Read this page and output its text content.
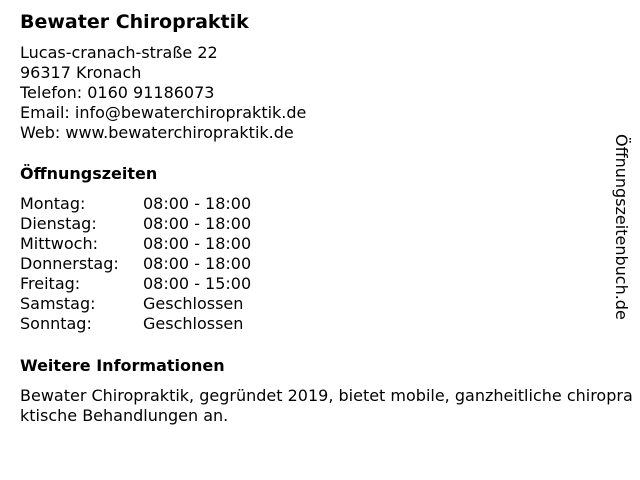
Bewater Chiropraktik
Lucas-cranach-straße 22
96317 Kronach
Telefon: 0160 91186073
Email: info@bewaterchiropraktik.de
Web: www.bewaterchiropraktik.de
Öffnungszeiten
Montag:	08:00 - 18:00
Dienstag:	08:00 - 18:00
Mittwoch:	08:00 - 18:00
Donnerstag:	08:00 - 18:00
Freitag:	08:00 - 15:00
Samstag:	Geschlossen
Sonntag:	Geschlossen
Weitere Informationen
Bewater Chiropraktik, gegründet 2019, bietet mobile, ganzheitliche chiropraktische Behandlungen an.
Öffnungszeitenbuch.de
